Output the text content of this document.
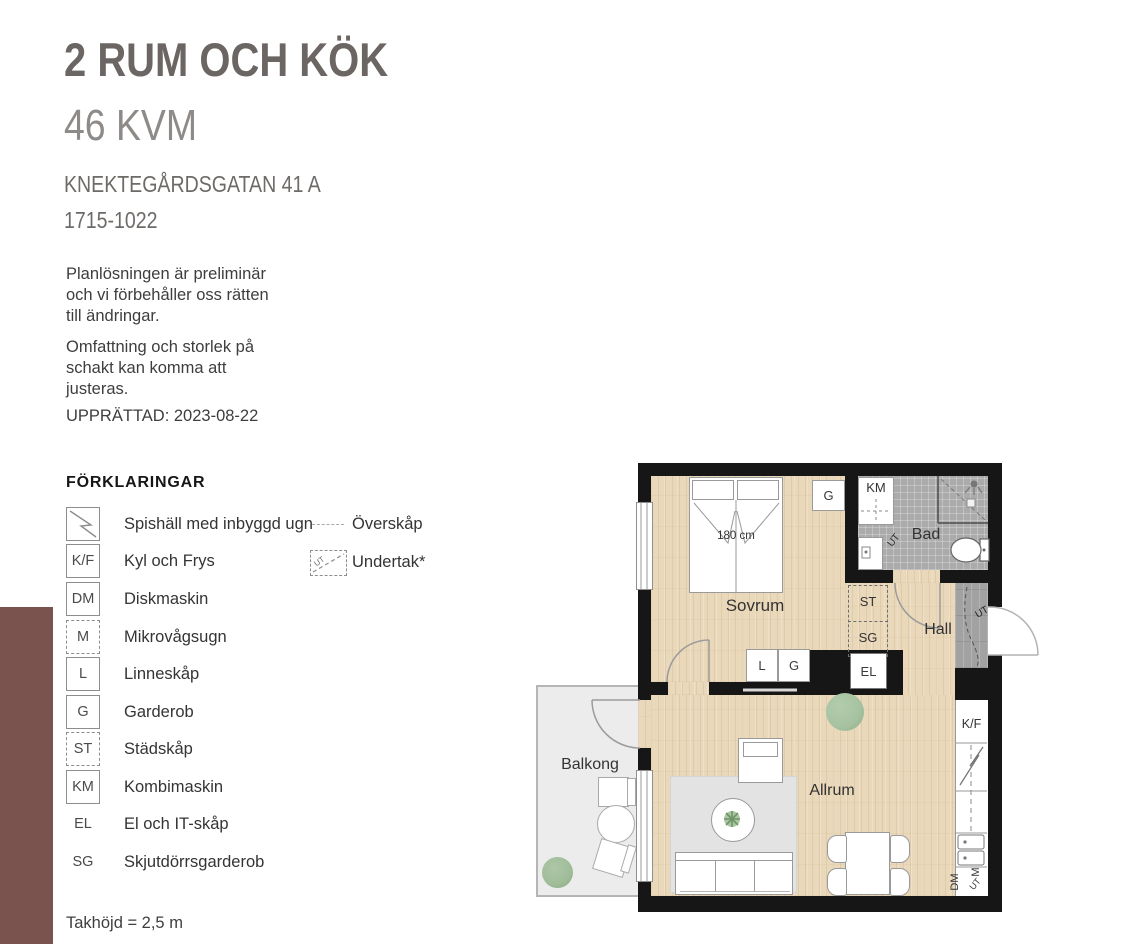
2 RUM OCH KÖK
46 KVM
KNEKTEGÅRDSGATAN 41 A
1715-1022
Planlösningen är preliminär
och vi förbehåller oss rätten
till ändringar.
Omfattning och storlek på
schakt kan komma att
justeras.
UPPRÄTTAD: 2023-08-22
FÖRKLARINGAR
Spishäll med inbyggd ugn
K/F	Kyl och Frys
DM	Diskmaskin
M	Mikrovågsugn
L	Linneskåp
G	Garderob
ST	Städskåp
KM	Kombimaskin
EL	El och IT-skåp
SG	Skjutdörrsgarderob
Överskåp
UT Undertak*
Takhöjd = 2,5 m
G
L	G	EL
Sovrum
Bad
Hall
Allrum
Balkong
180 cm
KM
UT
ST
SG
UT
K/F
DM
M
UT
